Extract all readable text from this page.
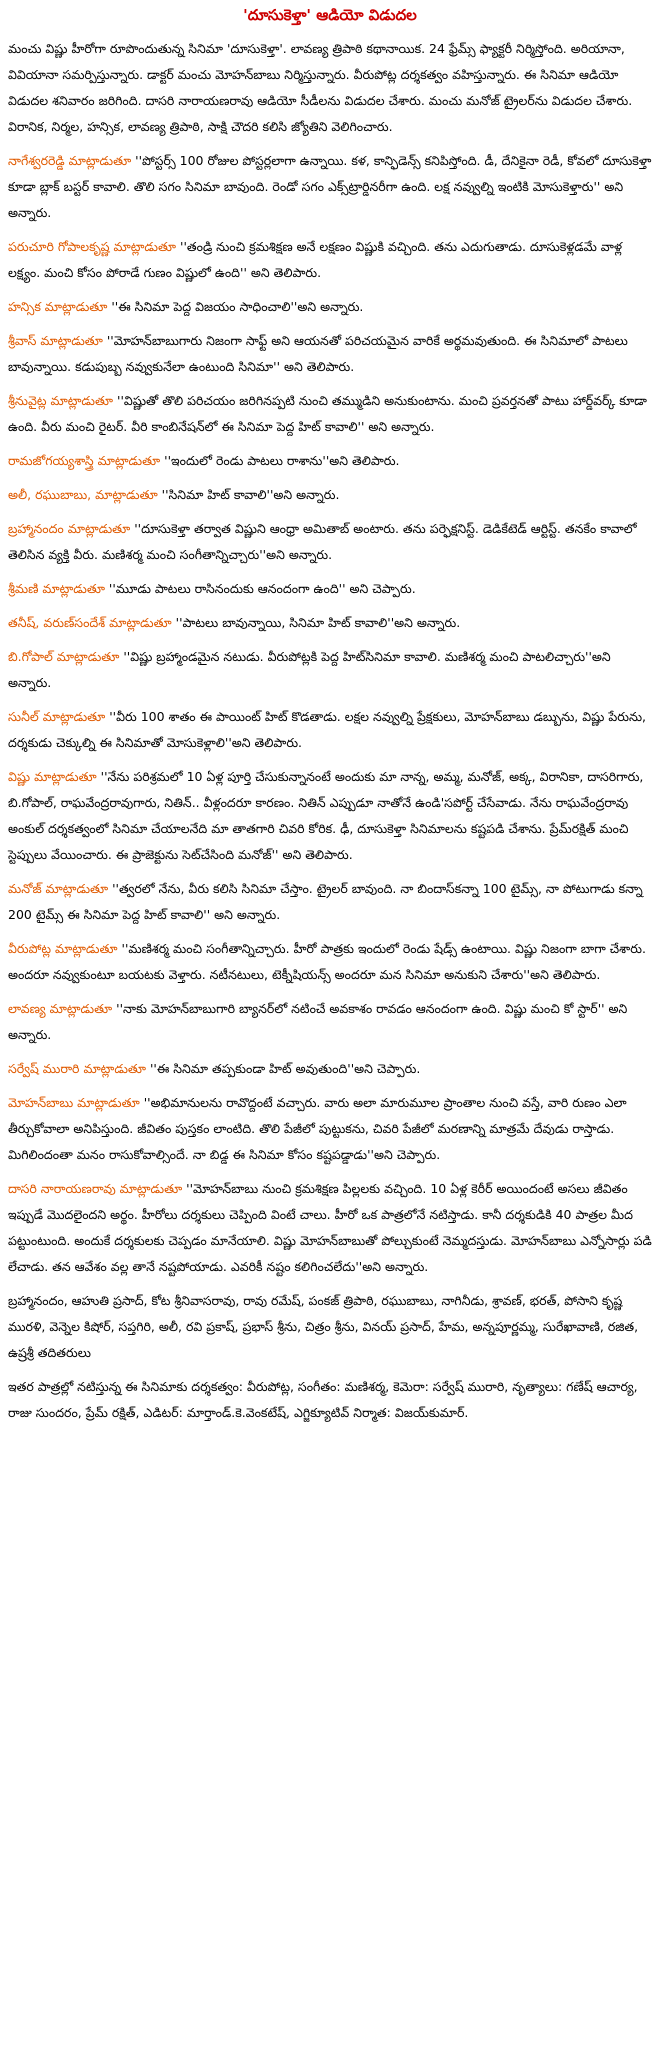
'దూసుకెళ్తా' ఆడియో విడుదల

మంచు విష్ణు హీరోగా రూపొందుతున్న సినిమా 'దూసుకెళ్తా'. లావణ్య త్రిపాఠి కథానాయిక. 24 ఫ్రేమ్స్ ఫ్యాక్టరీ నిర్మిస్తోంది. అరియానా, వివియానా సమర్పిస్తున్నారు. డాక్టర్ మంచు మోహన్‌బాబు నిర్మిస్తున్నారు. వీరుపోట్ల దర్శకత్వం వహిస్తున్నారు. ఈ సినిమా ఆడియో విడుదల శనివారం జరిగింది. దాసరి నారాయణరావు ఆడియో సీడీలను విడుదల చేశారు. మంచు మనోజ్ ట్రైలర్‌ను విడుదల చేశారు. విరానిక, నిర్మల, హన్సిక, లావణ్య త్రిపాఠి, సాక్షి చౌదరి కలిసి జ్యోతిని వెలిగించారు.

నాగేశ్వరరెడ్డి మాట్లాడుతూ ''పోస్టర్స్ 100 రోజుల పోస్టర్లలాగా ఉన్నాయి. కళ, కాన్ఫిడెన్స్ కనిపిస్తోంది. డీ, దేనికైనా రెడీ, కోవలో దూసుకెళ్తా కూడా బ్లాక్ బస్టర్ కావాలి. తొలి సగం సినిమా బావుంది. రెండో సగం ఎక్స్‌ట్రార్డినరీగా ఉంది. లక్ష నవ్వుల్ని ఇంటికి మోసుకెళ్తారు'' అని అన్నారు.

పరుచూరి గోపాలకృష్ణ మాట్లాడుతూ ''తండ్రి నుంచి క్రమశిక్షణ అనే లక్షణం విష్ణుకి వచ్చింది. తను ఎదుగుతాడు. దూసుకెళ్లడమే వాళ్ల లక్ష్యం. మంచి కోసం పోరాడే గుణం విష్ణులో ఉంది'' అని తెలిపారు.

హన్సిక మాట్లాడుతూ ''ఈ సినిమా పెద్ద విజయం సాధించాలి''అని అన్నారు.

శ్రీవాస్ మాట్లాడుతూ ''మోహన్‌బాబుగారు నిజంగా సాఫ్ట్ అని ఆయనతో పరిచయమైన వారికే అర్థమవుతుంది. ఈ సినిమాలో పాటలు బావున్నాయి. కడుపుబ్బ నవ్వుకునేలా ఉంటుంది సినిమా'' అని తెలిపారు.

శ్రీనువైట్ల మాట్లాడుతూ ''విష్ణుతో తొలి పరిచయం జరిగినప్పటి నుంచి తమ్ముడిని అనుకుంటాను. మంచి ప్రవర్తనతో పాటు హార్డ్‌వర్క్ కూడా ఉంది. వీరు మంచి రైటర్. వీరి కాంబినేషన్‌లో ఈ సినిమా పెద్ద హిట్ కావాలి'' అని అన్నారు.

రామజోగయ్యశాస్త్రి మాట్లాడుతూ ''ఇందులో రెండు పాటలు రాశాను''అని తెలిపారు.

అలీ, రఘుబాబు, మాట్లాడుతూ ''సినిమా హిట్ కావాలి''అని అన్నారు.

బ్రహ్మానందం మాట్లాడుతూ ''దూసుకెళ్తా తర్వాత విష్ణుని ఆంధ్రా అమితాబ్ అంటారు. తను పర్ఫెక్షనిస్ట్. డెడికేటెడ్ ఆర్టిస్ట్. తనకేం కావాలో తెలిసిన వ్యక్తి వీరు. మణిశర్మ మంచి సంగీతాన్నిచ్చారు''అని అన్నారు.

శ్రీమణి మాట్లాడుతూ ''మూడు పాటలు రాసినందుకు ఆనందంగా ఉంది'' అని చెప్పారు.

తనీష్, వరుణ్‌సందేశ్ మాట్లాడుతూ ''పాటలు బావున్నాయి, సినిమా హిట్ కావాలి''అని అన్నారు.

బి.గోపాల్ మాట్లాడుతూ ''విష్ణు బ్రహ్మాండమైన నటుడు. వీరుపోట్లకి పెద్ద హిట్‌సినిమా కావాలి. మణిశర్మ మంచి పాటలిచ్చారు''అని అన్నారు.

సునీల్ మాట్లాడుతూ ''వీరు 100 శాతం ఈ పాయింట్ హిట్ కొడతాడు. లక్షల నవ్వుల్ని ప్రేక్షకులు, మోహన్‌బాబు డబ్బును, విష్ణు పేరును, దర్శకుడు చెక్కుల్ని ఈ సినిమాతో మోసుకెళ్లాలి''అని తెలిపారు.

విష్ణు మాట్లాడుతూ ''నేను పరిశ్రమలో 10 ఏళ్ల పూర్తి చేసుకున్నానంటే అందుకు మా నాన్న, అమ్మ, మనోజ్, అక్క, విరానికా, దాసరిగారు, బి.గోపాల్, రాఘవేంద్రరావుగారు, నితిన్.. వీళ్లందరూ కారణం. నితిన్ ఎప్పుడూ నాతోనే ఉండి'సపోర్ట్ చేసేవాడు. నేను రాఘవేంద్రరావు అంకుల్ దర్శకత్వంలో సినిమా చేయాలనేది మా తాతగారి చివరి కోరిక. ఢీ, దూసుకెళ్తా సినిమాలను కష్టపడి చేశాను. ప్రేమ్‌రక్షిత్ మంచి స్టెప్పులు వేయించారు. ఈ ప్రాజెక్టును సెట్‌చేసింది మనోజ్'' అని తెలిపారు.

మనోజ్ మాట్లాడుతూ ''త్వరలో నేను, వీరు కలిసి సినిమా చేస్తాం. ట్రైలర్ బావుంది. నా బిందాస్‌కన్నా 100 టైమ్స్, నా పోటుగాడు కన్నా 200 టైమ్స్ ఈ సినిమా పెద్ద హిట్ కావాలి'' అని అన్నారు.

వీరుపోట్ల మాట్లాడుతూ ''మణిశర్మ మంచి సంగీతాన్నిచ్చారు. హీరో పాత్రకు ఇందులో రెండు షేడ్స్ ఉంటాయి. విష్ణు నిజంగా బాగా చేశారు. అందరూ నవ్వుకుంటూ బయటకు వెళ్తారు. నటీనటులు, టెక్నీషియన్స్ అందరూ మన సినిమా అనుకుని చేశారు''అని తెలిపారు.

లావణ్య మాట్లాడుతూ ''నాకు మోహన్‌బాబుగారి బ్యానర్‌లో నటించే అవకాశం రావడం ఆనందంగా ఉంది. విష్ణు మంచి కో స్టార్'' అని అన్నారు.

సర్వేష్ మురారి మాట్లాడుతూ ''ఈ సినిమా తప్పకుండా హిట్ అవుతుంది''అని చెప్పారు.

మోహన్‌బాబు మాట్లాడుతూ ''అభిమానులను రావొద్దంటే వచ్చారు. వారు అలా మారుమూల ప్రాంతాల నుంచి వస్తే, వారి రుణం ఎలా తీర్చుకోవాలా అనిపిస్తుంది. జీవితం పుస్తకం లాంటిది. తొలి పేజీలో పుట్టుకను, చివరి పేజీలో మరణాన్ని మాత్రమే దేవుడు రాస్తాడు. మిగిలిందంతా మనం రాసుకోవాల్సిందే. నా బిడ్డ ఈ సినిమా కోసం కష్టపడ్డాడు''అని చెప్పారు.

దాసరి నారాయణరావు మాట్లాడుతూ ''మోహన్‌బాబు నుంచి క్రమశిక్షణ పిల్లలకు వచ్చింది. 10 ఏళ్ల కెరీర్ అయిందంటే అసలు జీవితం ఇప్పుడే మొదలైందని అర్థం. హీరోలు దర్శకులు చెప్పింది వింటే చాలు. హీరో ఒక పాత్రలోనే నటిస్తాడు. కానీ దర్శకుడికి 40 పాత్రల మీద పట్టుంటుంది. అందుకే దర్శకులకు చెప్పడం మానేయాలి. విష్ణు మోహన్‌బాబుతో పోల్చుకుంటే నెమ్మదస్తుడు. మోహన్‌బాబు ఎన్నోసార్లు పడి లేచాడు. తన ఆవేశం వల్ల తానే నష్టపోయాడు. ఎవరికీ నష్టం కలిగించలేదు''అని అన్నారు.

బ్రహ్మానందం, ఆహుతి ప్రసాద్, కోట శ్రీనివాసరావు, రావు రమేష్, పంకజ్ త్రిపాఠి, రఘుబాబు, నాగినీడు, శ్రావణ్, భరత్, పోసాని కృష్ణ మురళి, వెన్నెల కిషోర్, సప్తగిరి, అలీ, రవి ప్రకాష్, ప్రభాస్ శ్రీను, చిత్రం శ్రీను, వినయ్ ప్రసాద్, హేమ, అన్నపూర్ణమ్మ, సురేఖావాణి, రజిత, ఉష్రశ్రీ తదితరులు

ఇతర పాత్రల్లో నటిస్తున్న ఈ సినిమాకు దర్శకత్వం: వీరుపోట్ల, సంగీతం: మణిశర్మ, కెమెరా: సర్వేష్ మురారి, నృత్యాలు: గణేష్ ఆచార్య, రాజు సుందరం, ప్రేమ్ రక్షిత్, ఎడిటర్: మార్తాండ్.కె.వెంకటేష్, ఎగ్జిక్యూటివ్ నిర్మాత: విజయ్‌కుమార్.
